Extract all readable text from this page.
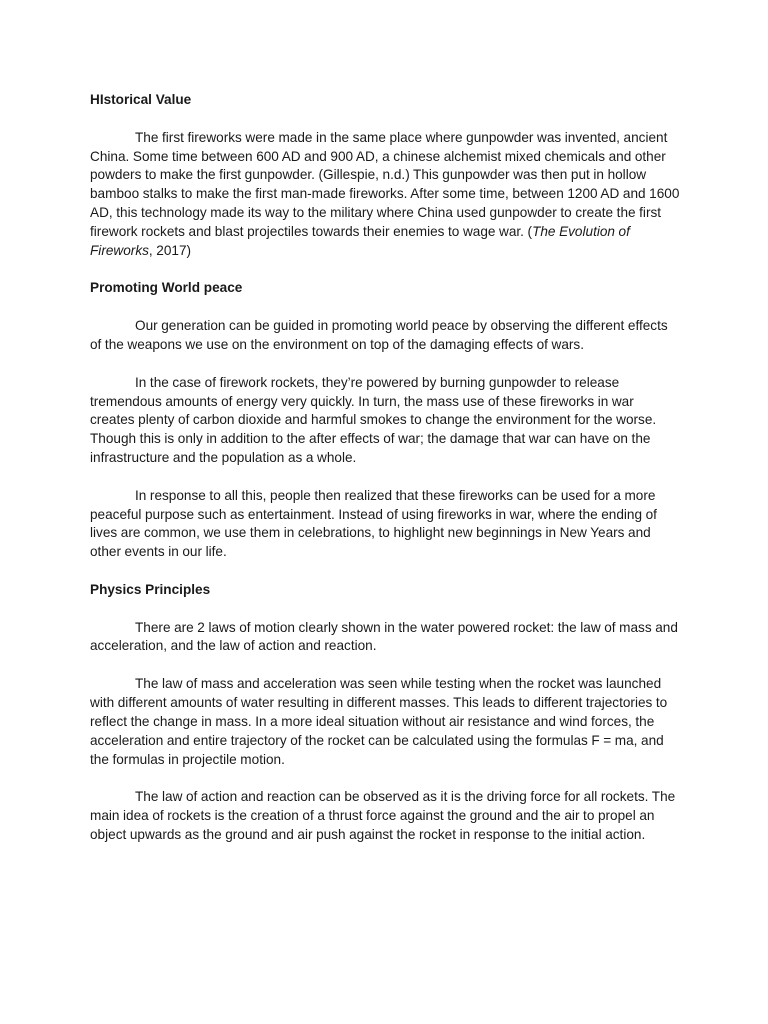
HIstorical Value

The first fireworks were made in the same place where gunpowder was invented, ancient China. Some time between 600 AD and 900 AD, a chinese alchemist mixed chemicals and other powders to make the first gunpowder. (Gillespie, n.d.) This gunpowder was then put in hollow bamboo stalks to make the first man-made fireworks. After some time, between 1200 AD and 1600 AD, this technology made its way to the military where China used gunpowder to create the first firework rockets and blast projectiles towards their enemies to wage war. (The Evolution of Fireworks, 2017)

Promoting World peace

Our generation can be guided in promoting world peace by observing the different effects of the weapons we use on the environment on top of the damaging effects of wars.

In the case of firework rockets, they’re powered by burning gunpowder to release tremendous amounts of energy very quickly. In turn, the mass use of these fireworks in war creates plenty of carbon dioxide and harmful smokes to change the environment for the worse. Though this is only in addition to the after effects of war; the damage that war can have on the infrastructure and the population as a whole.

In response to all this, people then realized that these fireworks can be used for a more peaceful purpose such as entertainment. Instead of using fireworks in war, where the ending of lives are common, we use them in celebrations, to highlight new beginnings in New Years and other events in our life.

Physics Principles

There are 2 laws of motion clearly shown in the water powered rocket: the law of mass and acceleration, and the law of action and reaction.

The law of mass and acceleration was seen while testing when the rocket was launched with different amounts of water resulting in different masses. This leads to different trajectories to reflect the change in mass. In a more ideal situation without air resistance and wind forces, the acceleration and entire trajectory of the rocket can be calculated using the formulas F = ma, and the formulas in projectile motion.

The law of action and reaction can be observed as it is the driving force for all rockets. The main idea of rockets is the creation of a thrust force against the ground and the air to propel an object upwards as the ground and air push against the rocket in response to the initial action.
